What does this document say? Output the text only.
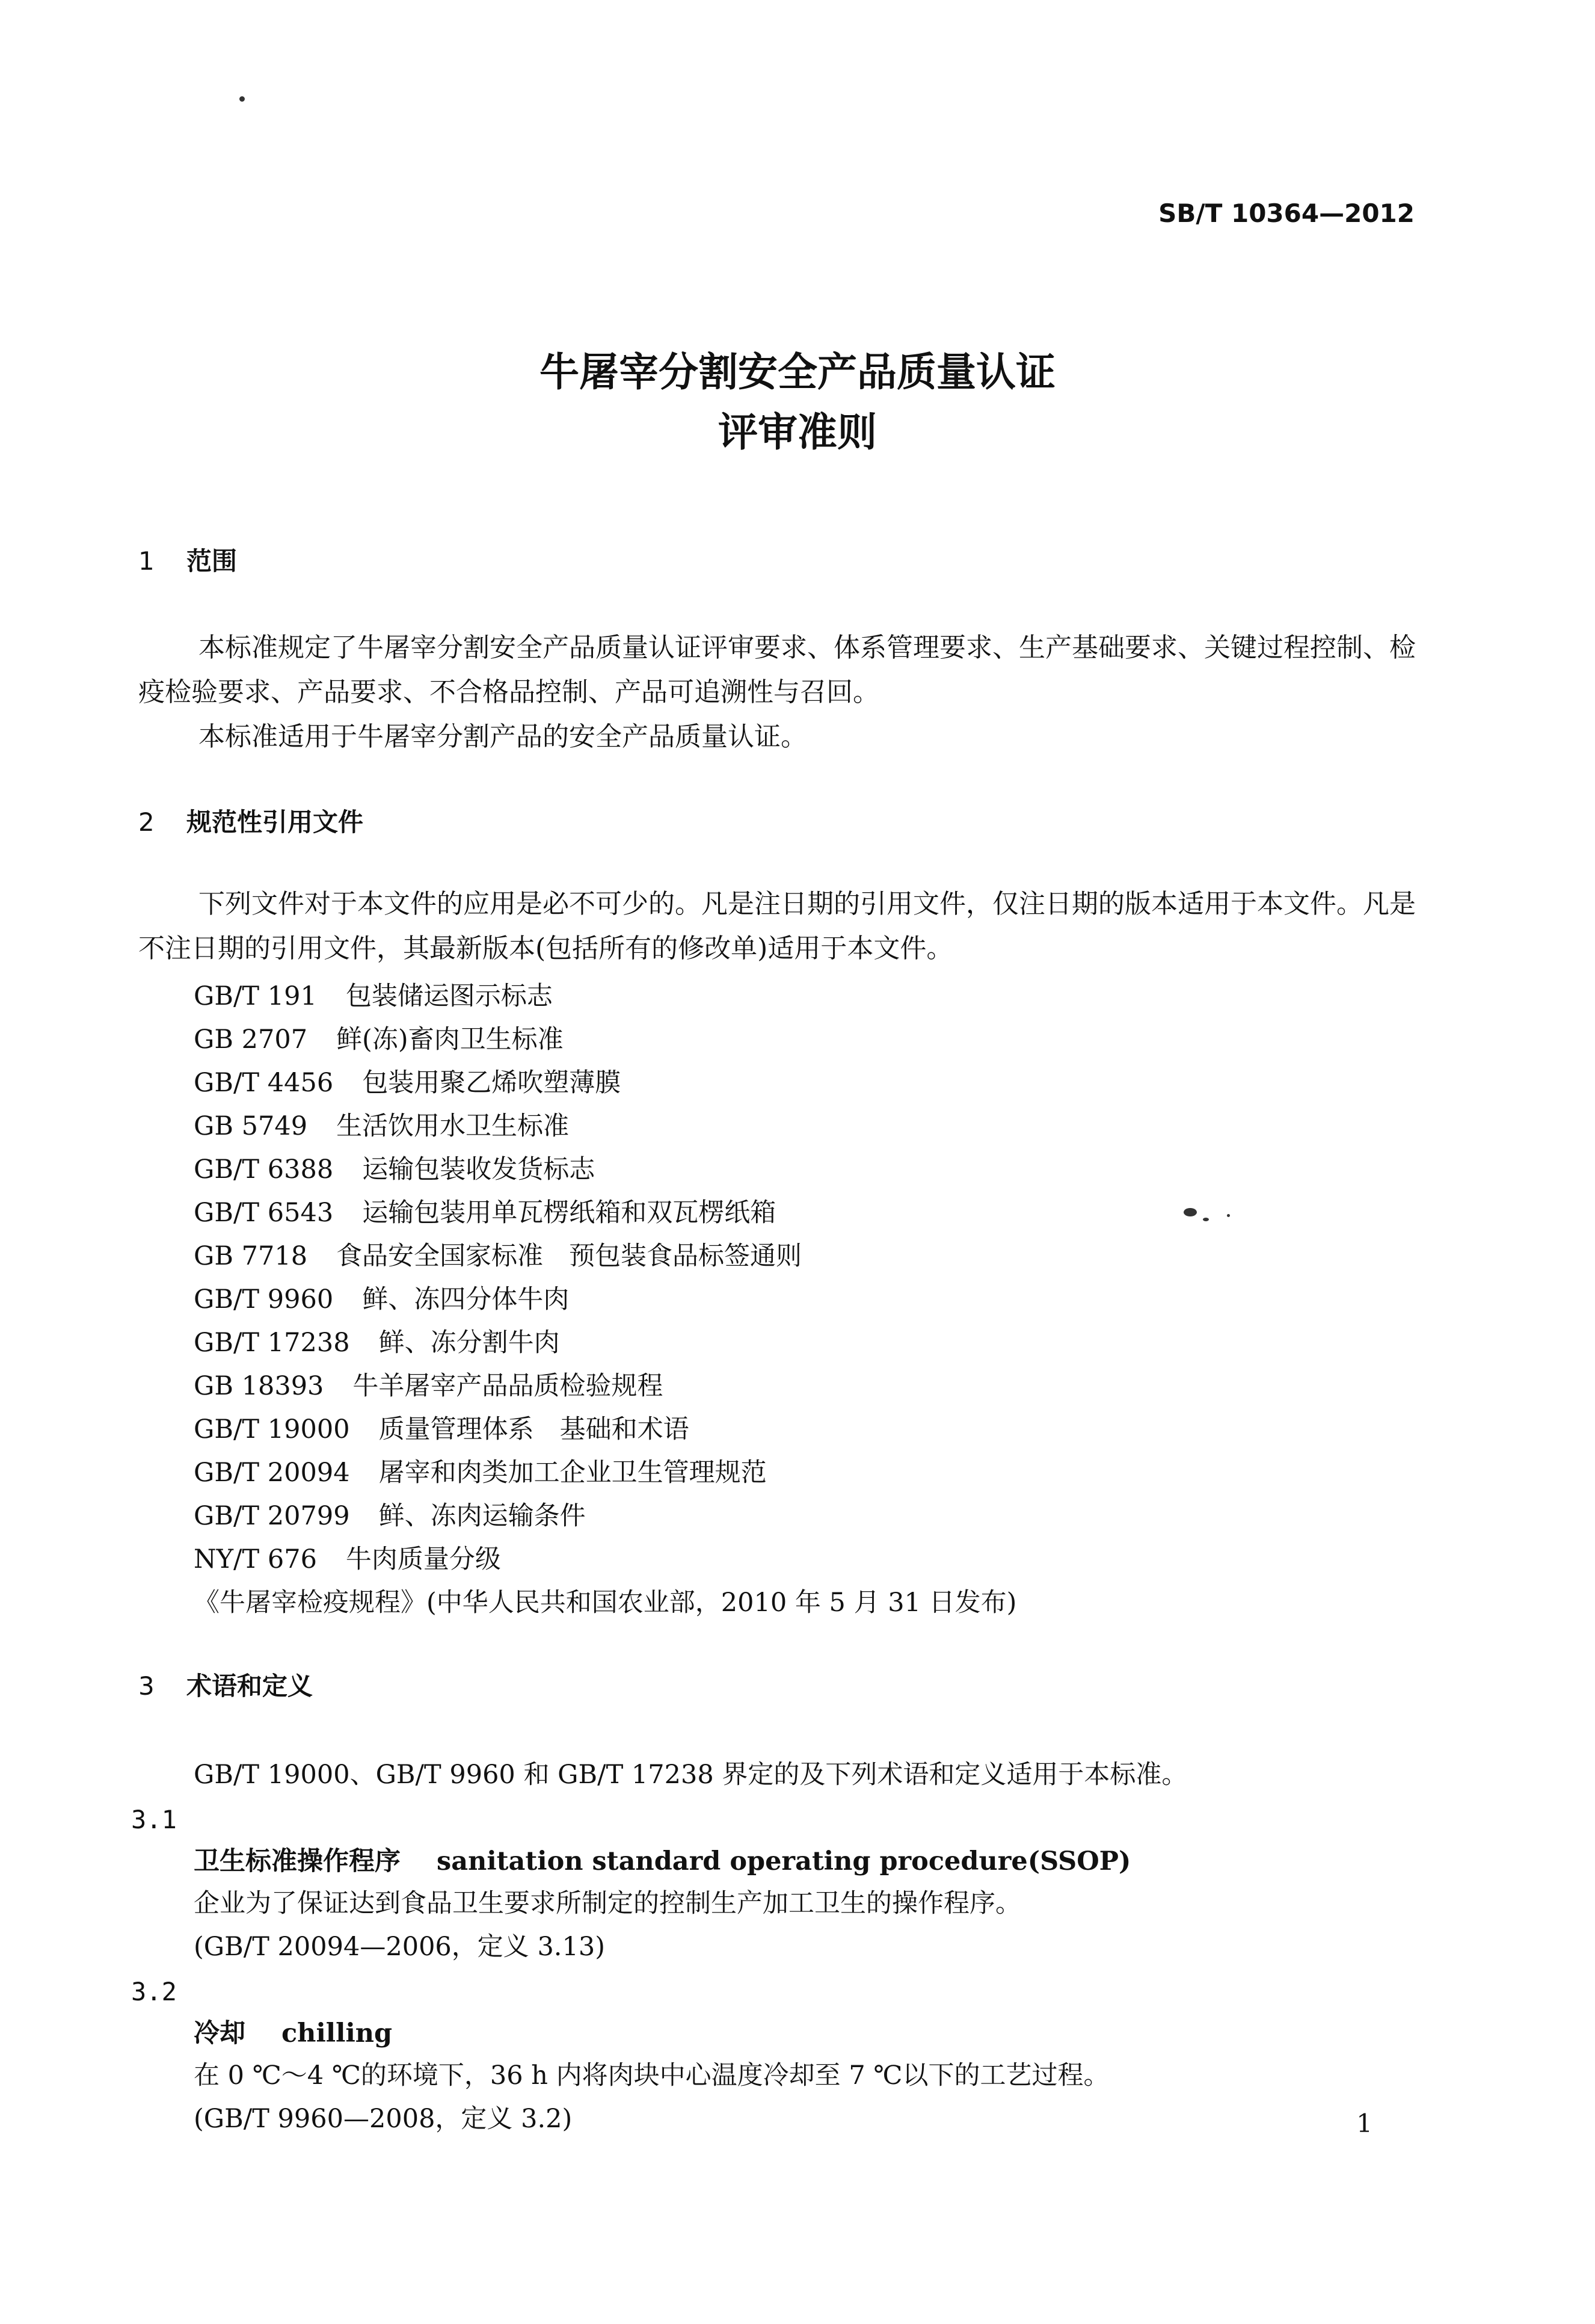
SB/T 10364—2012
牛屠宰分割安全产品质量认证
评审准则
1 范围
本标准规定了牛屠宰分割安全产品质量认证评审要求、体系管理要求、生产基础要求、关键过程控制、检疫检验要求、产品要求、不合格品控制、产品可追溯性与召回。
本标准适用于牛屠宰分割产品的安全产品质量认证。
2 规范性引用文件
下列文件对于本文件的应用是必不可少的。凡是注日期的引用文件，仅注日期的版本适用于本文件。凡是不注日期的引用文件，其最新版本(包括所有的修改单)适用于本文件。
GB/T 191 包装储运图示标志
GB 2707 鲜(冻)畜肉卫生标准
GB/T 4456 包装用聚乙烯吹塑薄膜
GB 5749 生活饮用水卫生标准
GB/T 6388 运输包装收发货标志
GB/T 6543 运输包装用单瓦楞纸箱和双瓦楞纸箱
GB 7718 食品安全国家标准　预包装食品标签通则
GB/T 9960 鲜、冻四分体牛肉
GB/T 17238 鲜、冻分割牛肉
GB 18393 牛羊屠宰产品品质检验规程
GB/T 19000 质量管理体系　基础和术语
GB/T 20094 屠宰和肉类加工企业卫生管理规范
GB/T 20799 鲜、冻肉运输条件
NY/T 676 牛肉质量分级
《牛屠宰检疫规程》(中华人民共和国农业部，2010 年 5 月 31 日发布)
3 术语和定义
GB/T 19000、GB/T 9960 和 GB/T 17238 界定的及下列术语和定义适用于本标准。
3.1
卫生标准操作程序 sanitation standard operating procedure(SSOP)
企业为了保证达到食品卫生要求所制定的控制生产加工卫生的操作程序。
(GB/T 20094—2006，定义 3.13)
3.2
冷却 chilling
在 0 ℃～4 ℃的环境下，36 h 内将肉块中心温度冷却至 7 ℃以下的工艺过程。
(GB/T 9960—2008，定义 3.2)	1
